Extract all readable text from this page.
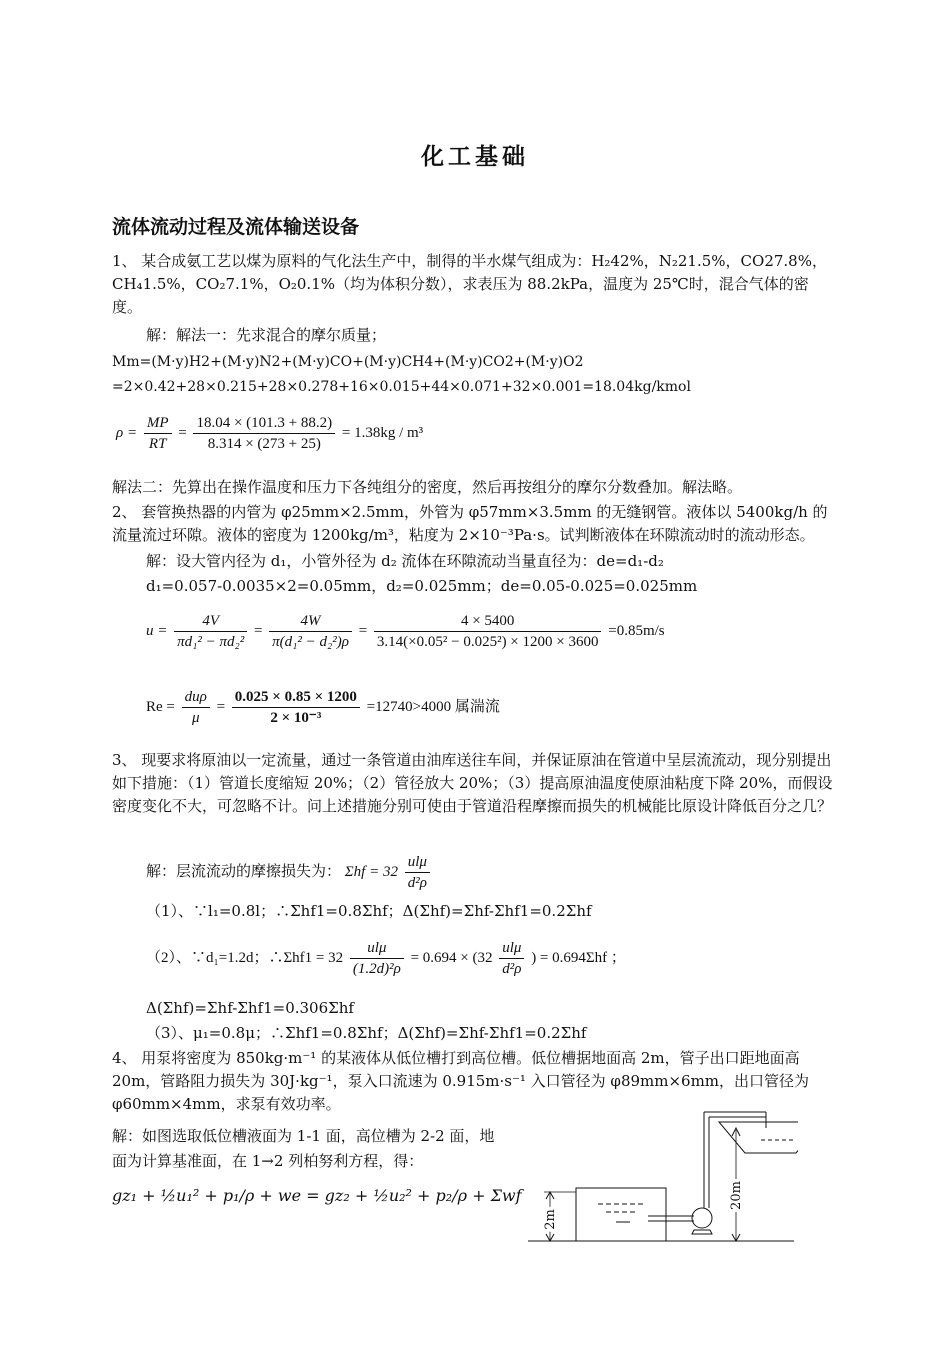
化工基础
流体流动过程及流体输送设备
1、 某合成氨工艺以煤为原料的气化法生产中，制得的半水煤气组成为：H₂42%，N₂21.5%，CO27.8%，CH₄1.5%，CO₂7.1%，O₂0.1%（均为体积分数），求表压为 88.2kPa，温度为 25℃时，混合气体的密度。
解：解法一：先求混合的摩尔质量；
Mm=(M·y)H2+(M·y)N2+(M·y)CO+(M·y)CH4+(M·y)CO2+(M·y)O2
=2×0.42+28×0.215+28×0.278+16×0.015+44×0.071+32×0.001=18.04kg/kmol
$\rho = \frac{MP}{RT} = \frac{18.04 \times (101.3 + 88.2)}{8.314 \times (273 + 25)} = 1.38kg / m^3$
解法二：先算出在操作温度和压力下各纯组分的密度，然后再按组分的摩尔分数叠加。解法略。
2、 套管换热器的内管为 φ25mm×2.5mm，外管为 φ57mm×3.5mm 的无缝钢管。液体以 5400kg/h 的流量流过环隙。液体的密度为 1200kg/m³，粘度为 2×10⁻³Pa·s。试判断液体在环隙流动时的流动形态。
解：设大管内径为 d₁，小管外径为 d₂ 流体在环隙流动当量直径为：de=d₁-d₂
d₁=0.057-0.0035×2=0.05mm，d₂=0.025mm；de=0.05-0.025=0.025mm
$u = \frac{4V}{\text{πd₁² − πd₂²}} = \frac{4W}{\text{π(d₁² − d₂²)ρ}} = \frac{4 \times 5400}{\text{3.14(×0.05² − 0.025²) × 1200 × 3600}} =0.85m/s$
$Re = \frac{\text{duρ}}{\mu} = \frac{0.025 \times 0.85 \times 1200}{\text{2 × 10⁻³}} =12740>4000$ 属湍流
3、 现要求将原油以一定流量，通过一条管道由油库送往车间，并保证原油在管道中呈层流流动，现分别提出如下措施：（1）管道长度缩短 20%；（2）管径放大 20%；（3）提高原油温度使原油粘度下降 20%，而假设密度变化不大，可忽略不计。问上述措施分别可使由于管道沿程摩擦而损失的机械能比原设计降低百分之几？
解：层流流动的摩擦损失为： $\Sigma hf = 32 \frac{\text{ulμ}}{\text{d²ρ}}$
（1）、∵l₁=0.8l；∴Σhf1=0.8Σhf；Δ(Σhf)=Σhf-Σhf1=0.2Σhf
（2）、∵d₁=1.2d；∴Σhf1 = $32 \frac{\text{ulμ}}{\text{(1.2d)²ρ}} = 0.694 \times (32 \frac{\text{ulμ}}{\text{d²ρ}}$ ) = 0.694Σhf ；
Δ(Σhf)=Σhf-Σhf1=0.306Σhf
（3）、μ₁=0.8μ；∴Σhf1=0.8Σhf；Δ(Σhf)=Σhf-Σhf1=0.2Σhf
4、 用泵将密度为 850kg·m⁻¹ 的某液体从低位槽打到高位槽。低位槽据地面高 2m，管子出口距地面高 20m，管路阻力损失为 30J·kg⁻¹，泵入口流速为 0.915m·s⁻¹ 入口管径为 φ89mm×6mm，出口管径为 φ60mm×4mm，求泵有效功率。
解：如图选取低位槽液面为 1-1 面，高位槽为 2-2 面，地
面为计算基准面，在 1→2 列柏努利方程，得：
gz₁ + ½u₁² + p₁/ρ + we = gz₂ + ½u₂² + p₂/ρ + Σwf	20m
2m
